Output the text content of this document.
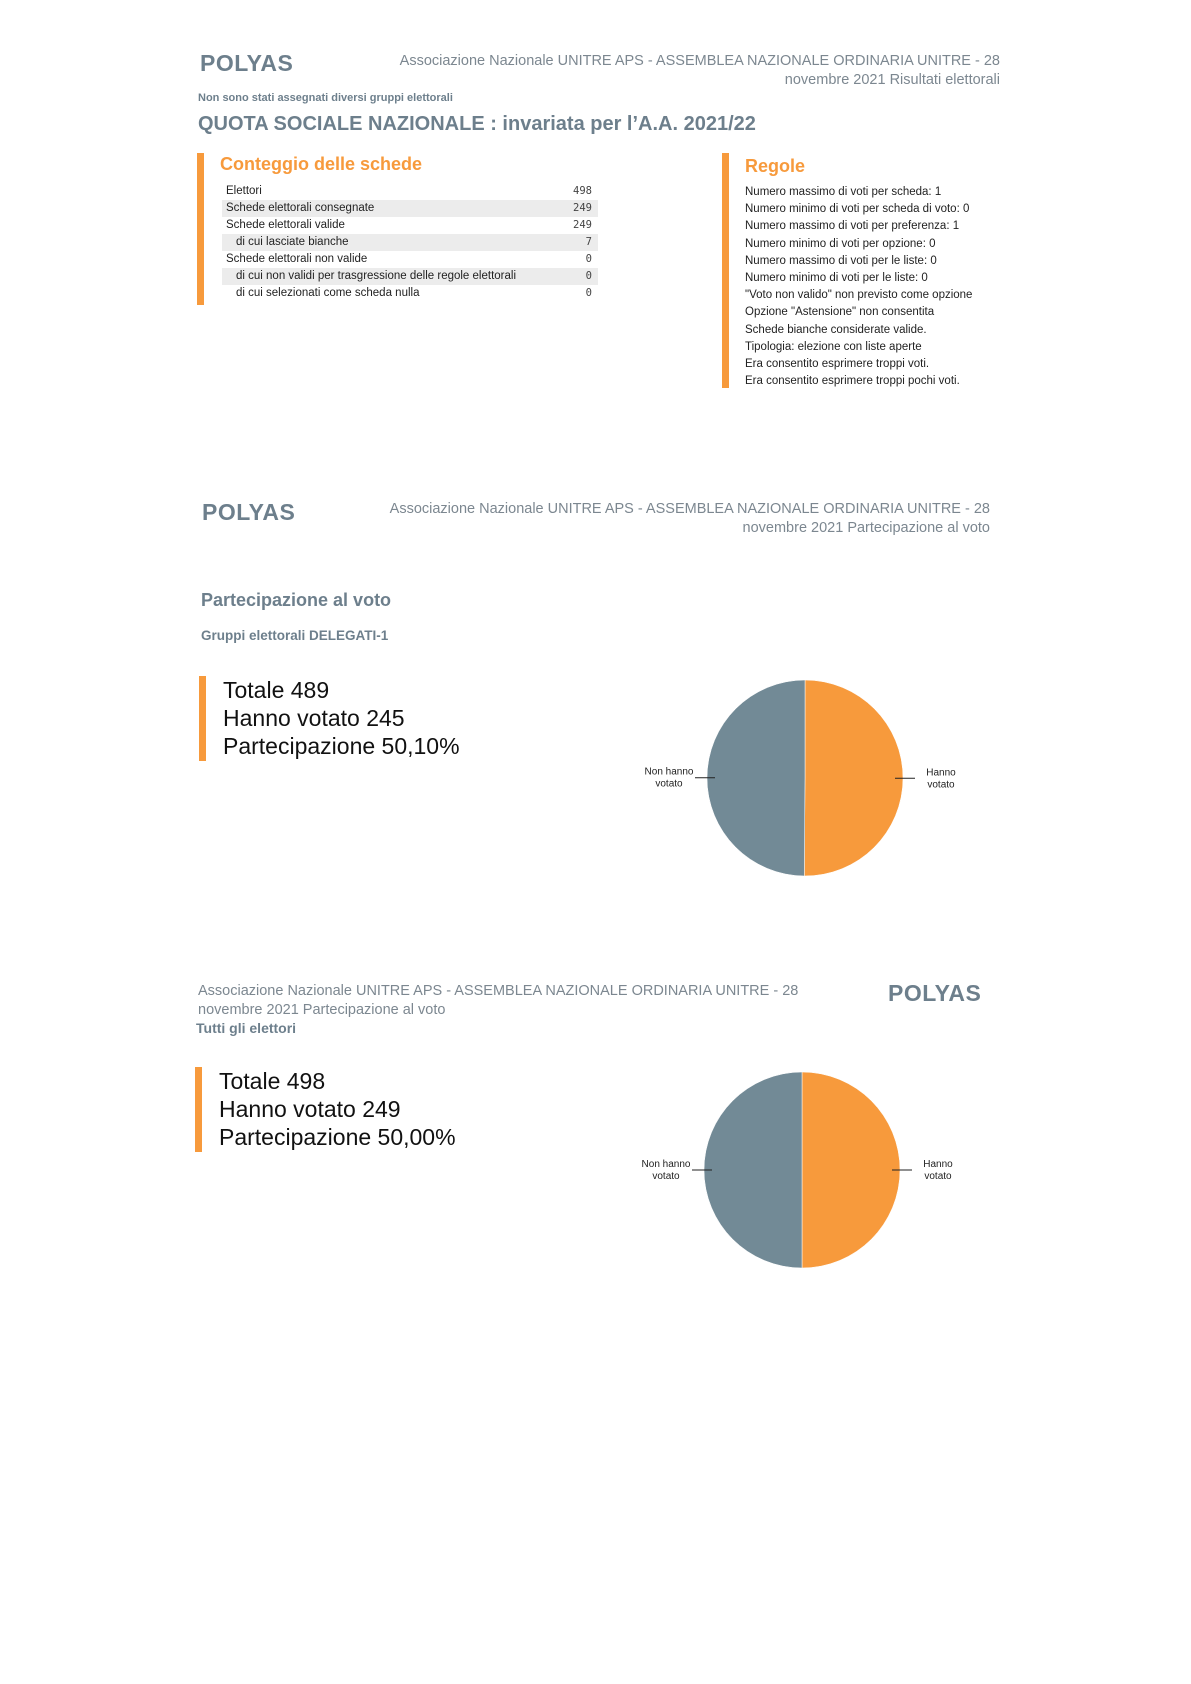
POLYAS	Associazione Nazionale UNITRE APS - ASSEMBLEA NAZIONALE ORDINARIA UNITRE - 28
novembre 2021 Risultati elettorali
Non sono stati assegnati diversi gruppi elettorali
QUOTA SOCIALE NAZIONALE : invariata per l’A.A. 2021/22
Conteggio delle schede
Elettori	498
Schede elettorali consegnate	249
Schede elettorali valide	249
di cui lasciate bianche	7
Schede elettorali non valide	0
di cui non validi per trasgressione delle regole elettorali	0
di cui selezionati come scheda nulla	0
Regole
Numero massimo di voti per scheda: 1
Numero minimo di voti per scheda di voto: 0
Numero massimo di voti per preferenza: 1
Numero minimo di voti per opzione: 0
Numero massimo di voti per le liste: 0
Numero minimo di voti per le liste: 0
"Voto non valido" non previsto come opzione
Opzione "Astensione" non consentita
Schede bianche considerate valide.
Tipologia: elezione con liste aperte
Era consentito esprimere troppi voti.
Era consentito esprimere troppi pochi voti.
POLYAS	Associazione Nazionale UNITRE APS - ASSEMBLEA NAZIONALE ORDINARIA UNITRE - 28
novembre 2021 Partecipazione al voto
Partecipazione al voto
Gruppi elettorali DELEGATI-1
Totale 489
Hanno votato 245
Partecipazione 50,10%
Hanno votato
Non hanno votato
Associazione Nazionale UNITRE APS - ASSEMBLEA NAZIONALE ORDINARIA UNITRE - 28
novembre 2021 Partecipazione al voto
POLYAS
Tutti gli elettori
Totale 498
Hanno votato 249
Partecipazione 50,00%
Hanno votato
Non hanno votato
